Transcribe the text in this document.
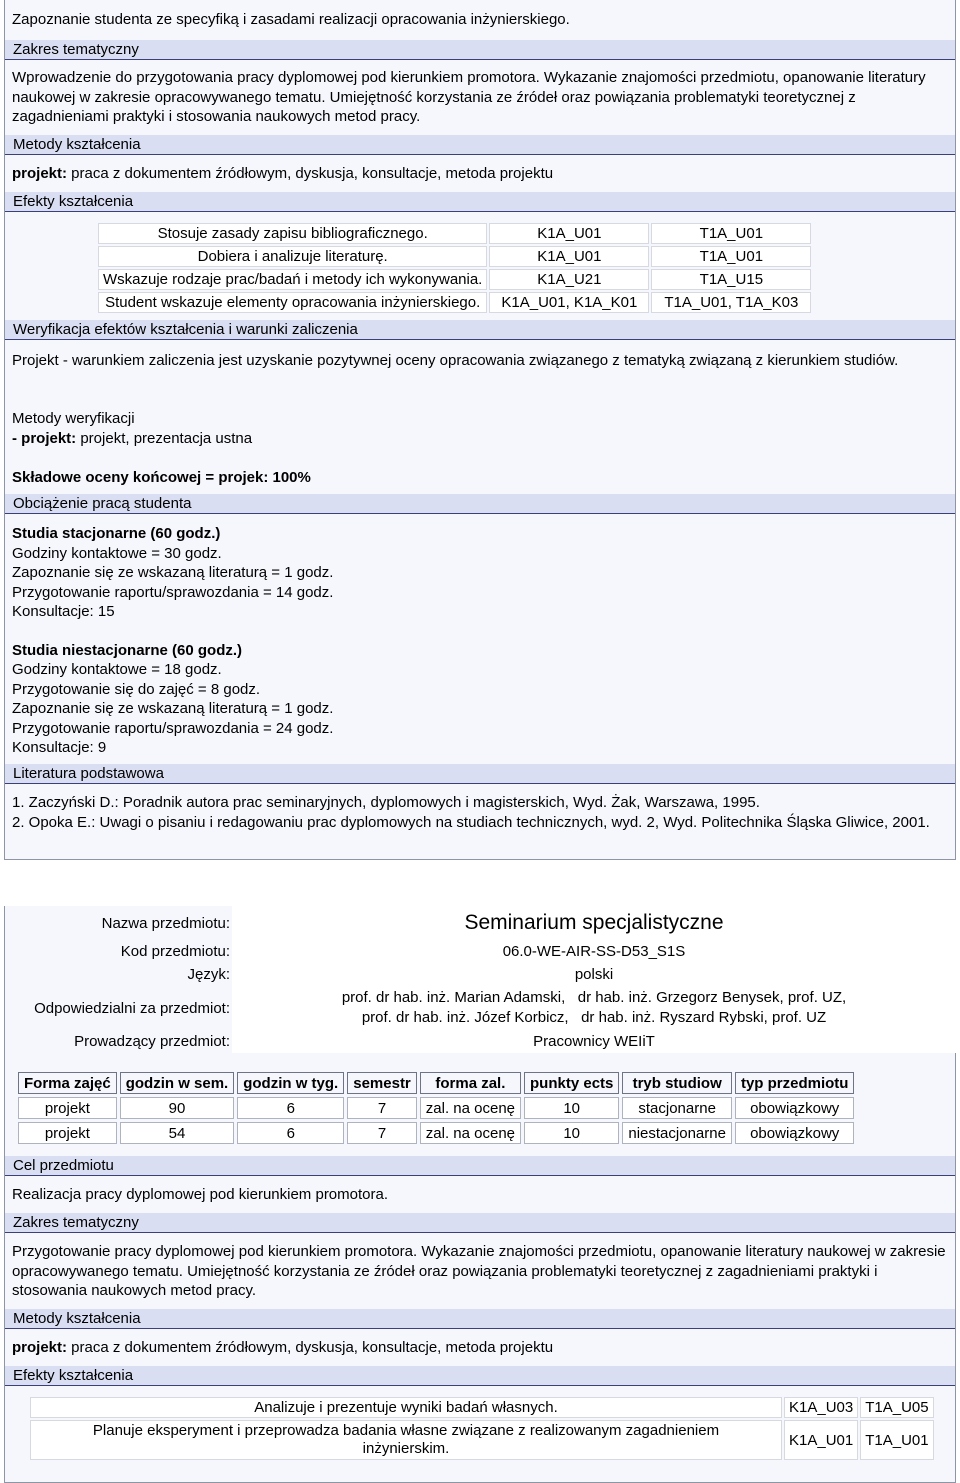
Zapoznanie studenta ze specyfiką i zasadami realizacji opracowania inżynierskiego.
Zakres tematyczny
Wprowadzenie do przygotowania pracy dyplomowej pod kierunkiem promotora. Wykazanie znajomości przedmiotu, opanowanie literatury naukowej w zakresie opracowywanego tematu. Umiejętność korzystania ze źródeł oraz powiązania problematyki teoretycznej z zagadnieniami praktyki i stosowania naukowych metod pracy.
Metody kształcenia
projekt: praca z dokumentem źródłowym, dyskusja, konsultacje, metoda projektu
Efekty kształcenia
Stosuje zasady zapisu bibliograficznego.	K1A_U01	T1A_U01
Dobiera i analizuje literaturę.	K1A_U01	T1A_U01
Wskazuje rodzaje prac/badań i metody ich wykonywania.	K1A_U21	T1A_U15
Student wskazuje elementy opracowania inżynierskiego.	K1A_U01, K1A_K01	T1A_U01, T1A_K03
Weryfikacja efektów kształcenia i warunki zaliczenia
Projekt - warunkiem zaliczenia jest uzyskanie pozytywnej oceny opracowania związanego z tematyką związaną z kierunkiem studiów.
Metody weryfikacji
- projekt: projekt, prezentacja ustna
Składowe oceny końcowej = projek: 100%
Obciążenie pracą studenta
Studia stacjonarne (60 godz.)
Godziny kontaktowe = 30 godz.
Zapoznanie się ze wskazaną literaturą = 1 godz.
Przygotowanie raportu/sprawozdania = 14 godz.
Konsultacje: 15
Studia niestacjonarne (60 godz.)
Godziny kontaktowe = 18 godz.
Przygotowanie się do zajęć = 8 godz.
Zapoznanie się ze wskazaną literaturą = 1 godz.
Przygotowanie raportu/sprawozdania = 24 godz.
Konsultacje: 9
Literatura podstawowa
1. Zaczyński D.: Poradnik autora prac seminaryjnych, dyplomowych i magisterskich, Wyd. Żak, Warszawa, 1995.
2. Opoka E.: Uwagi o pisaniu i redagowaniu prac dyplomowych na studiach technicznych, wyd. 2, Wyd. Politechnika Śląska Gliwice, 2001.
Nazwa przedmiotu:	Seminarium specjalistyczne
Kod przedmiotu:	06.0-WE-AIR-SS-D53_S1S
Język:	polski
Odpowiedzialni za przedmiot:	prof. dr hab. inż. Marian Adamski,   dr hab. inż. Grzegorz Benysek, prof. UZ,
prof. dr hab. inż. Józef Korbicz,   dr hab. inż. Ryszard Rybski, prof. UZ

Prowadzący przedmiot:	Pracownicy WEIiT
Forma zajęć	godzin w sem.	godzin w tyg.	semestr	forma zal.	punkty ects	tryb studiow	typ przedmiotu
projekt	90	6	7	zal. na ocenę	10	stacjonarne	obowiązkowy
projekt	54	6	7	zal. na ocenę	10	niestacjonarne	obowiązkowy
Cel przedmiotu
Realizacja pracy dyplomowej pod kierunkiem promotora.
Zakres tematyczny
Przygotowanie pracy dyplomowej pod kierunkiem promotora. Wykazanie znajomości przedmiotu, opanowanie literatury naukowej w zakresie opracowywanego tematu. Umiejętność korzystania ze źródeł oraz powiązania problematyki teoretycznej z zagadnieniami praktyki i stosowania naukowych metod pracy.
Metody kształcenia
projekt: praca z dokumentem źródłowym, dyskusja, konsultacje, metoda projektu
Efekty kształcenia
Analizuje i prezentuje wyniki badań własnych.	K1A_U03	T1A_U05
Planuje eksperyment i przeprowadza badania własne związane z realizowanym zagadnieniem inżynierskim.	K1A_U01	T1A_U01
